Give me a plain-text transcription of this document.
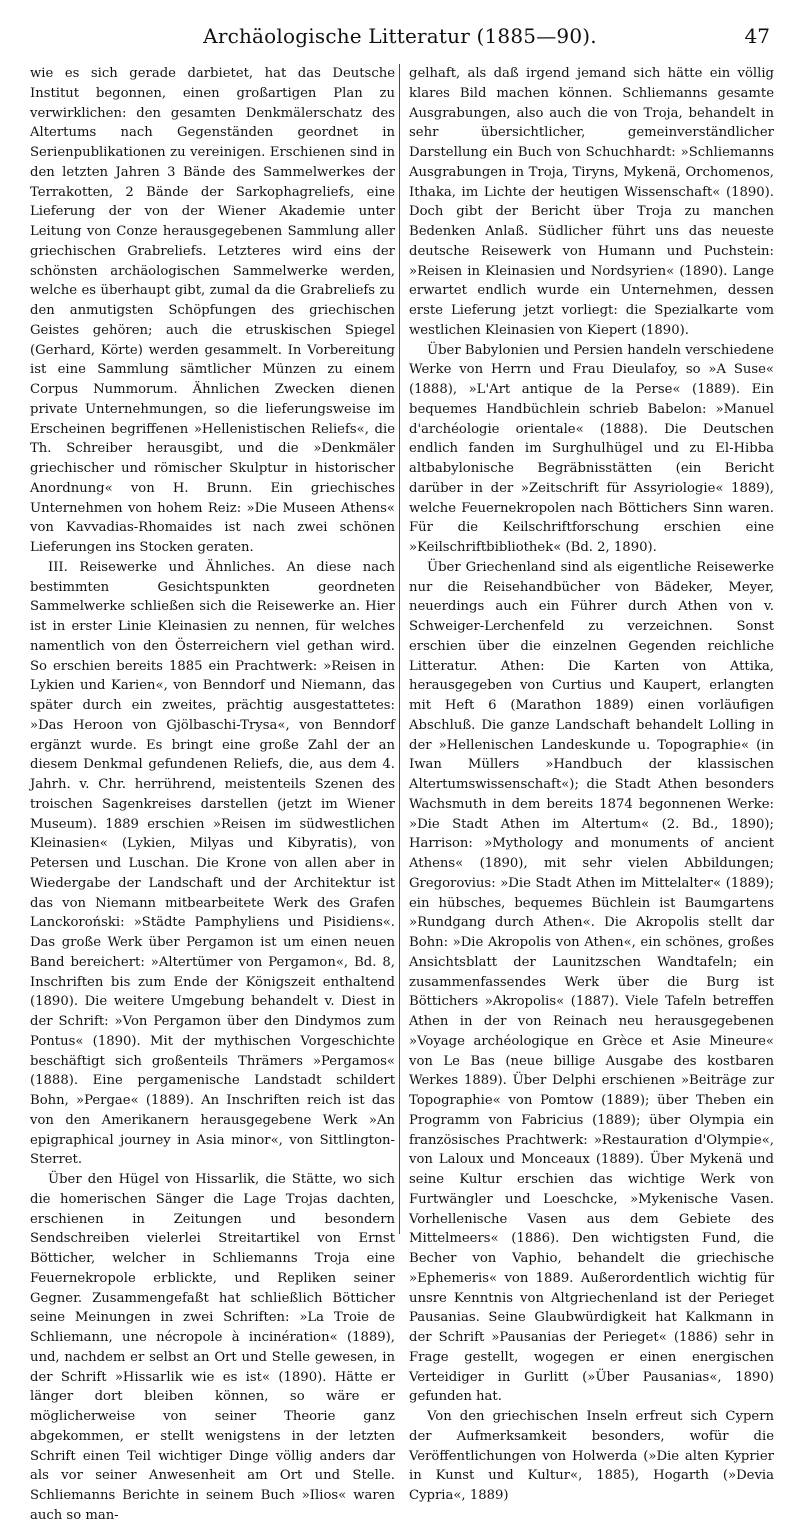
Archäologische Litteratur (1885—90).	47

wie es sich gerade darbietet, hat das Deutsche Institut begonnen, einen großartigen Plan zu verwirklichen: den gesamten Denkmälerschatz des Altertums nach Gegenständen geordnet in Serienpublikationen zu vereinigen. Erschienen sind in den letzten Jahren 3 Bände des Sammelwerkes der Terrakotten, 2 Bände der Sarkophagreliefs, eine Lieferung der von der Wiener Akademie unter Leitung von Conze herausgegebenen Sammlung aller griechischen Grabreliefs. Letzteres wird eins der schönsten archäologischen Sammelwerke werden, welche es überhaupt gibt, zumal da die Grabreliefs zu den anmutigsten Schöpfungen des griechischen Geistes gehören; auch die etruskischen Spiegel (Gerhard, Körte) werden gesammelt. In Vorbereitung ist eine Sammlung sämtlicher Münzen zu einem Corpus Nummorum. Ähnlichen Zwecken dienen private Unternehmungen, so die lieferungsweise im Erscheinen begriffenen »Hellenistischen Reliefs«, die Th. Schreiber herausgibt, und die »Denkmäler griechischer und römischer Skulptur in historischer Anordnung« von H. Brunn. Ein griechisches Unternehmen von hohem Reiz: »Die Museen Athens« von Kavvadias-Rhomaides ist nach zwei schönen Lieferungen ins Stocken geraten.

III. Reisewerke und Ähnliches. An diese nach bestimmten Gesichtspunkten geordneten Sammelwerke schließen sich die Reisewerke an. Hier ist in erster Linie Kleinasien zu nennen, für welches namentlich von den Österreichern viel gethan wird. So erschien bereits 1885 ein Prachtwerk: »Reisen in Lykien und Karien«, von Benndorf und Niemann, das später durch ein zweites, prächtig ausgestattetes: »Das Heroon von Gjölbaschi-Trysa«, von Benndorf ergänzt wurde. Es bringt eine große Zahl der an diesem Denkmal gefundenen Reliefs, die, aus dem 4. Jahrh. v. Chr. herrührend, meistenteils Szenen des troischen Sagenkreises darstellen (jetzt im Wiener Museum). 1889 erschien »Reisen im südwestlichen Kleinasien« (Lykien, Milyas und Kibyratis), von Petersen und Luschan. Die Krone von allen aber in Wiedergabe der Landschaft und der Architektur ist das von Niemann mitbearbeitete Werk des Grafen Lanckoroński: »Städte Pamphyliens und Pisidiens«. Das große Werk über Pergamon ist um einen neuen Band bereichert: »Altertümer von Pergamon«, Bd. 8, Inschriften bis zum Ende der Königszeit enthaltend (1890). Die weitere Umgebung behandelt v. Diest in der Schrift: »Von Pergamon über den Dindymos zum Pontus« (1890). Mit der mythischen Vorgeschichte beschäftigt sich großenteils Thrämers »Pergamos« (1888). Eine pergamenische Landstadt schildert Bohn, »Pergae« (1889). An Inschriften reich ist das von den Amerikanern herausgegebene Werk »An epigraphical journey in Asia minor«, von Sittlington-Sterret.

Über den Hügel von Hissarlik, die Stätte, wo sich die homerischen Sänger die Lage Trojas dachten, erschienen in Zeitungen und besondern Sendschreiben vielerlei Streitartikel von Ernst Bötticher, welcher in Schliemanns Troja eine Feuernekropole erblickte, und Repliken seiner Gegner. Zusammengefaßt hat schließlich Bötticher seine Meinungen in zwei Schriften: »La Troie de Schliemann, une nécropole à incinération« (1889), und, nachdem er selbst an Ort und Stelle gewesen, in der Schrift »Hissarlik wie es ist« (1890). Hätte er länger dort bleiben können, so wäre er möglicherweise von seiner Theorie ganz abgekommen, er stellt wenigstens in der letzten Schrift einen Teil wichtiger Dinge völlig anders dar als vor seiner Anwesenheit am Ort und Stelle. Schliemanns Berichte in seinem Buch »Ilios« waren auch so man-

gelhaft, als daß irgend jemand sich hätte ein völlig klares Bild machen können. Schliemanns gesamte Ausgrabungen, also auch die von Troja, behandelt in sehr übersichtlicher, gemeinverständlicher Darstellung ein Buch von Schuchhardt: »Schliemanns Ausgrabungen in Troja, Tiryns, Mykenä, Orchomenos, Ithaka, im Lichte der heutigen Wissenschaft« (1890). Doch gibt der Bericht über Troja zu manchen Bedenken Anlaß. Südlicher führt uns das neueste deutsche Reisewerk von Humann und Puchstein: »Reisen in Kleinasien und Nordsyrien« (1890). Lange erwartet endlich wurde ein Unternehmen, dessen erste Lieferung jetzt vorliegt: die Spezialkarte vom westlichen Kleinasien von Kiepert (1890).

Über Babylonien und Persien handeln verschiedene Werke von Herrn und Frau Dieulafoy, so »A Suse« (1888), »L'Art antique de la Perse« (1889). Ein bequemes Handbüchlein schrieb Babelon: »Manuel d'archéologie orientale« (1888). Die Deutschen endlich fanden im Surghulhügel und zu El-Hibba altbabylonische Begräbnisstätten (ein Bericht darüber in der »Zeitschrift für Assyriologie« 1889), welche Feuernekropolen nach Böttichers Sinn waren. Für die Keilschriftforschung erschien eine »Keilschriftbibliothek« (Bd. 2, 1890).

Über Griechenland sind als eigentliche Reisewerke nur die Reisehandbücher von Bädeker, Meyer, neuerdings auch ein Führer durch Athen von v. Schweiger-Lerchenfeld zu verzeichnen. Sonst erschien über die einzelnen Gegenden reichliche Litteratur. Athen: Die Karten von Attika, herausgegeben von Curtius und Kaupert, erlangten mit Heft 6 (Marathon 1889) einen vorläufigen Abschluß. Die ganze Landschaft behandelt Lolling in der »Hellenischen Landeskunde u. Topographie« (in Iwan Müllers »Handbuch der klassischen Altertumswissenschaft«); die Stadt Athen besonders Wachsmuth in dem bereits 1874 begonnenen Werke: »Die Stadt Athen im Altertum« (2. Bd., 1890); Harrison: »Mythology and monuments of ancient Athens« (1890), mit sehr vielen Abbildungen; Gregorovius: »Die Stadt Athen im Mittelalter« (1889); ein hübsches, bequemes Büchlein ist Baumgartens »Rundgang durch Athen«. Die Akropolis stellt dar Bohn: »Die Akropolis von Athen«, ein schönes, großes Ansichtsblatt der Launitzschen Wandtafeln; ein zusammenfassendes Werk über die Burg ist Böttichers »Akropolis« (1887). Viele Tafeln betreffen Athen in der von Reinach neu herausgegebenen »Voyage archéologique en Grèce et Asie Mineure« von Le Bas (neue billige Ausgabe des kostbaren Werkes 1889). Über Delphi erschienen »Beiträge zur Topographie« von Pomtow (1889); über Theben ein Programm von Fabricius (1889); über Olympia ein französisches Prachtwerk: »Restauration d'Olympie«, von Laloux und Monceaux (1889). Über Mykenä und seine Kultur erschien das wichtige Werk von Furtwängler und Loeschcke, »Mykenische Vasen. Vorhellenische Vasen aus dem Gebiete des Mittelmeers« (1886). Den wichtigsten Fund, die Becher von Vaphio, behandelt die griechische »Ephemeris« von 1889. Außerordentlich wichtig für unsre Kenntnis von Altgriechenland ist der Perieget Pausanias. Seine Glaubwürdigkeit hat Kalkmann in der Schrift »Pausanias der Perieget« (1886) sehr in Frage gestellt, wogegen er einen energischen Verteidiger in Gurlitt (»Über Pausanias«, 1890) gefunden hat.

Von den griechischen Inseln erfreut sich Cypern der Aufmerksamkeit besonders, wofür die Veröffentlichungen von Holwerda (»Die alten Kyprier in Kunst und Kultur«, 1885), Hogarth (»Devia Cypria«, 1889)
